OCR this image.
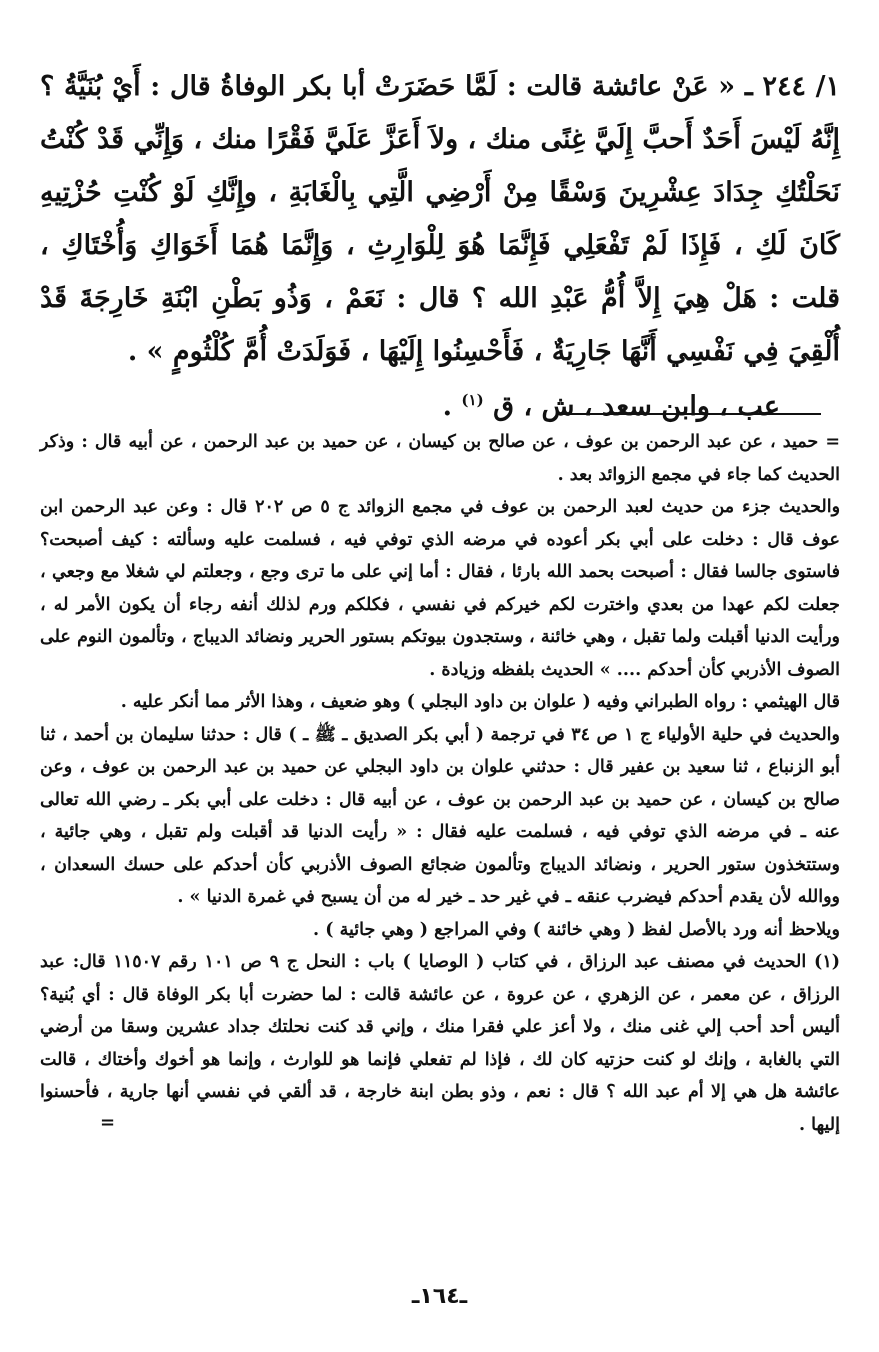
١/ ٢٤٤ ـ « عَنْ عائشة قالت : لَمَّا حَضَرَتْ أبا بكر الوفاةُ قال : أَيْ بُنَيَّةُ ؟ إِنَّهُ لَيْسَ أَحَدٌ أَحبَّ إِلَيَّ غِنًى منك ، ولاَ أَعَزَّ عَلَيَّ فَقْرًا منك ، وَإِنِّي قَدْ كُنْتُ نَحَلْتُكِ جِدَادَ عِشْرِينَ وَسْقًا مِنْ أَرْضِي الَّتِي بِالْغَابَةِ ، وإِنَّكِ لَوْ كُنْتِ حُزْتِيهِ كَانَ لَكِ ، فَإِذَا لَمْ تَفْعَلِي فَإِنَّمَا هُوَ لِلْوَارِثِ ، وَإِنَّمَا هُمَا أَخَوَاكِ وَأُخْتَاكِ ، قلت : هَلْ هِيَ إِلاَّ أُمُّ عَبْدِ الله ؟ قال : نَعَمْ ، وَذُو بَطْنِ ابْنَةِ خَارِجَةَ قَدْ أُلْقِيَ فِي نَفْسِي أَنَّهَا جَارِيَةٌ ، فَأَحْسِنُوا إِلَيْهَا ، فَوَلَدَتْ أُمَّ كُلْثُومٍ » .

عب ، وابن سعد ، ش ، ق $^{(١)}$ .

= حميد ، عن عبد الرحمن بن عوف ، عن صالح بن كيسان ، عن حميد بن عبد الرحمن ، عن أبيه قال : وذكر الحديث كما جاء في مجمع الزوائد بعد .

والحديث جزء من حديث لعبد الرحمن بن عوف في مجمع الزوائد ج ٥ ص ٢٠٢ قال : وعن عبد الرحمن ابن عوف قال : دخلت على أبي بكر أعوده في مرضه الذي توفي فيه ، فسلمت عليه وسألته : كيف أصبحت؟ فاستوى جالسا فقال : أصبحت بحمد الله بارئا ، فقال : أما إني على ما ترى وجع ، وجعلتم لي شغلا مع وجعي ، جعلت لكم عهدا من بعدي واخترت لكم خيركم في نفسي ، فكلكم ورم لذلك أنفه رجاء أن يكون الأمر له ، ورأيت الدنيا أقبلت ولما تقبل ، وهي خائنة ، وستجدون بيوتكم بستور الحرير ونضائد الديباج ، وتألمون النوم على الصوف الأذربي كأن أحدكم .... » الحديث بلفظه وزيادة .

قال الهيثمي : رواه الطبراني وفيه ( علوان بن داود البجلي ) وهو ضعيف ، وهذا الأثر مما أنكر عليه .

والحديث في حلية الأولياء ج ١ ص ٣٤ في ترجمة ( أبي بكر الصديق ـ ﷺ ـ ) قال : حدثنا سليمان بن أحمد ، ثنا أبو الزنباع ، ثنا سعيد بن عفير قال : حدثني علوان بن داود البجلي عن حميد بن عبد الرحمن بن عوف ، وعن صالح بن كيسان ، عن حميد بن عبد الرحمن بن عوف ، عن أبيه قال : دخلت على أبي بكر ـ رضي الله تعالى عنه ـ في مرضه الذي توفي فيه ، فسلمت عليه فقال : « رأيت الدنيا قد أقبلت ولم تقبل ، وهي جائية ، وستتخذون ستور الحرير ، ونضائد الديباج وتألمون ضجائع الصوف الأذربي كأن أحدكم على حسك السعدان ، ووالله لأن يقدم أحدكم فيضرب عنقه ـ في غير حد ـ خير له من أن يسبح في غمرة الدنيا » .

ويلاحظ أنه ورد بالأصل لفظ ( وهي خائنة ) وفي المراجع ( وهي جائية ) .

(١) الحديث في مصنف عبد الرزاق ، في كتاب ( الوصايا ) باب : النحل ج ٩ ص ١٠١ رقم ١١٥٠٧ قال: عبد الرزاق ، عن معمر ، عن الزهري ، عن عروة ، عن عائشة قالت : لما حضرت أبا بكر الوفاة قال : أي بُنية؟ أليس أحد أحب إلي غنى منك ، ولا أعز علي فقرا منك ، وإني قد كنت نحلتك جداد عشرين وسقا من أرضي التي بالغابة ، وإنك لو كنت حزتيه كان لك ، فإذا لم تفعلي فإنما هو للوارث ، وإنما هو أخوك وأختاك ، قالت عائشة هل هي إلا أم عبد الله ؟ قال : نعم ، وذو بطن ابنة خارجة ، قد ألقي في نفسي أنها جارية ، فأحسنوا إليها .

=
ـ١٦٤ـ
